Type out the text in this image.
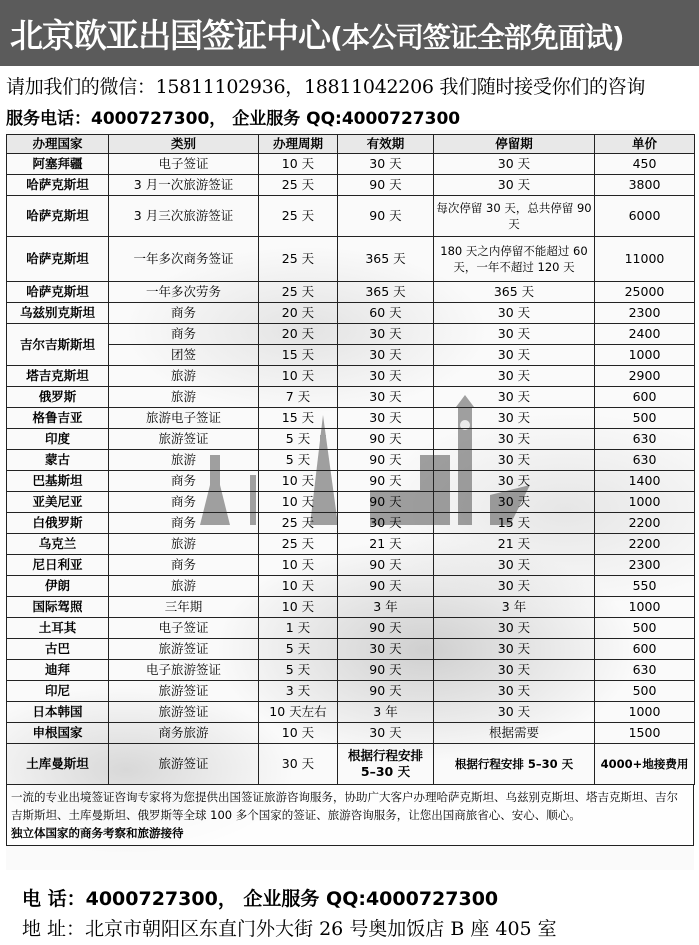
北京欧亚出国签证中心(本公司签证全部免面试)
请加我们的微信：15811102936，18811042206 我们随时接受你们的咨询
服务电话：4000727300， 企业服务 QQ:4000727300
办理国家	类别	办理周期	有效期	停留期	单价
阿塞拜疆	电子签证	10 天	30 天	30 天	450
哈萨克斯坦	3 月一次旅游签证	25 天	90 天	30 天	3800
哈萨克斯坦	3 月三次旅游签证	25 天	90 天	每次停留 30 天，总共停留 90 天	6000
哈萨克斯坦	一年多次商务签证	25 天	365 天	180 天之内停留不能超过 60 天，一年不超过 120 天	11000
哈萨克斯坦	一年多次劳务	25 天	365 天	365 天	25000
乌兹别克斯坦	商务	20 天	60 天	30 天	2300
吉尔吉斯斯坦	商务	20 天	30 天	30 天	2400
	团签	15 天	30 天	30 天	1000
塔吉克斯坦	旅游	10 天	30 天	30 天	2900
俄罗斯	旅游	7 天	30 天	30 天	600
格鲁吉亚	旅游电子签证	15 天	30 天	30 天	500
印度	旅游签证	5 天	90 天	30 天	630
蒙古	旅游	5 天	90 天	30 天	630
巴基斯坦	商务	10 天	90 天	30 天	1400
亚美尼亚	商务	10 天	90 天	30 天	1000
白俄罗斯	商务	25 天	30 天	15 天	2200
乌克兰	旅游	25 天	21 天	21 天	2200
尼日利亚	商务	10 天	90 天	30 天	2300
伊朗	旅游	10 天	90 天	30 天	550
国际驾照	三年期	10 天	3 年	3 年	1000
土耳其	电子签证	1 天	90 天	30 天	500
古巴	旅游签证	5 天	30 天	30 天	600
迪拜	电子旅游签证	5 天	90 天	30 天	630
印尼	旅游签证	3 天	90 天	30 天	500
日本韩国	旅游签证	10 天左右	3 年	30 天	1000
申根国家	商务旅游	10 天	30 天	根据需要	1500
土库曼斯坦	旅游签证	30 天	根据行程安排 5–30 天	根据行程安排 5–30 天	4000+地接费用
一流的专业出境签证咨询专家将为您提供出国签证旅游咨询服务，协助广大客户办理哈萨克斯坦、乌兹别克斯坦、塔吉克斯坦、吉尔吉斯斯坦、土库曼斯坦、俄罗斯等全球 100 多个国家的签证、旅游咨询服务，让您出国商旅省心、安心、顺心。
独立体国家的商务考察和旅游接待
电 话：4000727300， 企业服务 QQ:4000727300
地 址：北京市朝阳区东直门外大街 26 号奥加饭店 B 座 405 室
